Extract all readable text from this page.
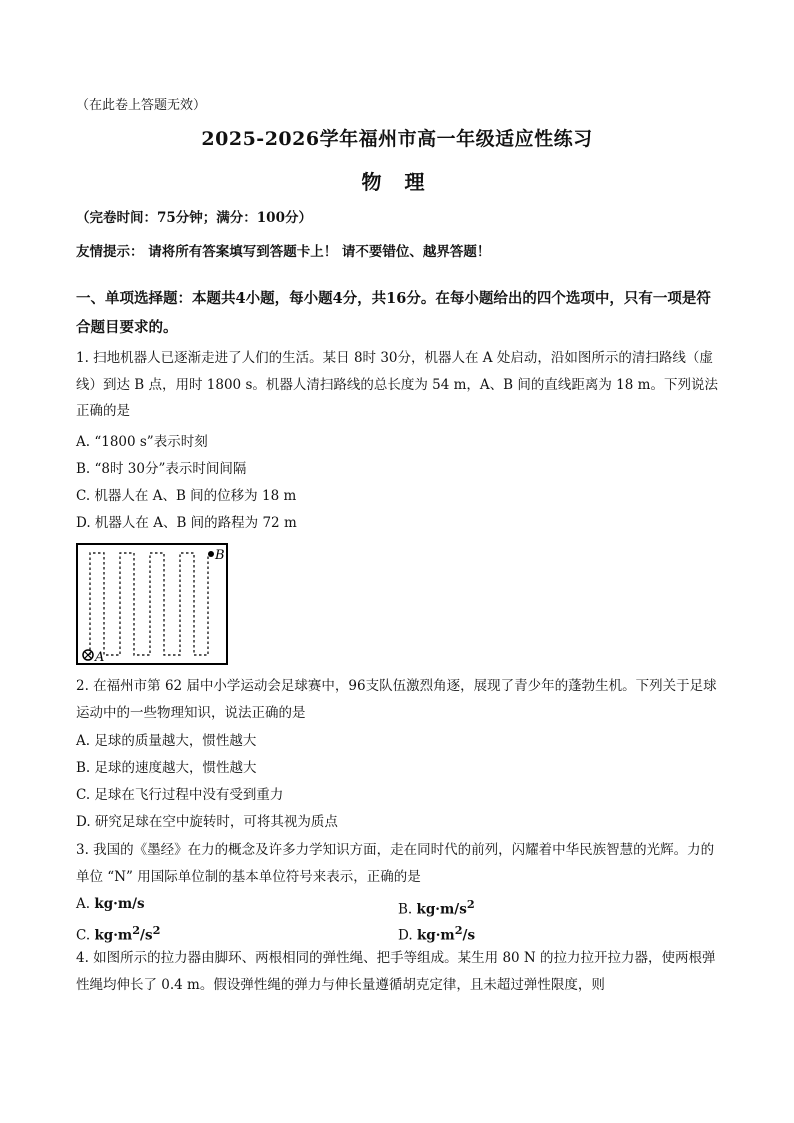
（在此卷上答题无效）
2025-2026学年福州市高一年级适应性练习
物 理
（完卷时间：75分钟；满分：100分）
友情提示： 请将所有答案填写到答题卡上！ 请不要错位、越界答题！
一、单项选择题：本题共4小题，每小题4分，共16分。在每小题给出的四个选项中，只有一项是符合题目要求的。
1. 扫地机器人已逐渐走进了人们的生活。某日 8时 30分，机器人在 A 处启动，沿如图所示的清扫路线（虚线）到达 B 点，用时 1800 s。机器人清扫路线的总长度为 54 m，A、B 间的直线距离为 18 m。下列说法正确的是
A. “1800 s”表示时刻
B. “8时 30分”表示时间间隔
C. 机器人在 A、B 间的位移为 18 m
D. 机器人在 A、B 间的路程为 72 m
A
B
2. 在福州市第 62 届中小学运动会足球赛中，96支队伍激烈角逐，展现了青少年的蓬勃生机。下列关于足球运动中的一些物理知识，说法正确的是
A. 足球的质量越大，惯性越大
B. 足球的速度越大，惯性越大
C. 足球在飞行过程中没有受到重力
D. 研究足球在空中旋转时，可将其视为质点
3. 我国的《墨经》在力的概念及许多力学知识方面，走在同时代的前列，闪耀着中华民族智慧的光辉。力的单位 “N” 用国际单位制的基本单位符号来表示，正确的是
A. kg·m/s	B. $kg\cdot m/s^2$
C. $kg\cdot m^2/s^2$	D. $kg\cdot m^2/s$
4. 如图所示的拉力器由脚环、两根相同的弹性绳、把手等组成。某生用 80 N 的拉力拉开拉力器，使两根弹性绳均伸长了 0.4 m。假设弹性绳的弹力与伸长量遵循胡克定律，且未超过弹性限度，则
